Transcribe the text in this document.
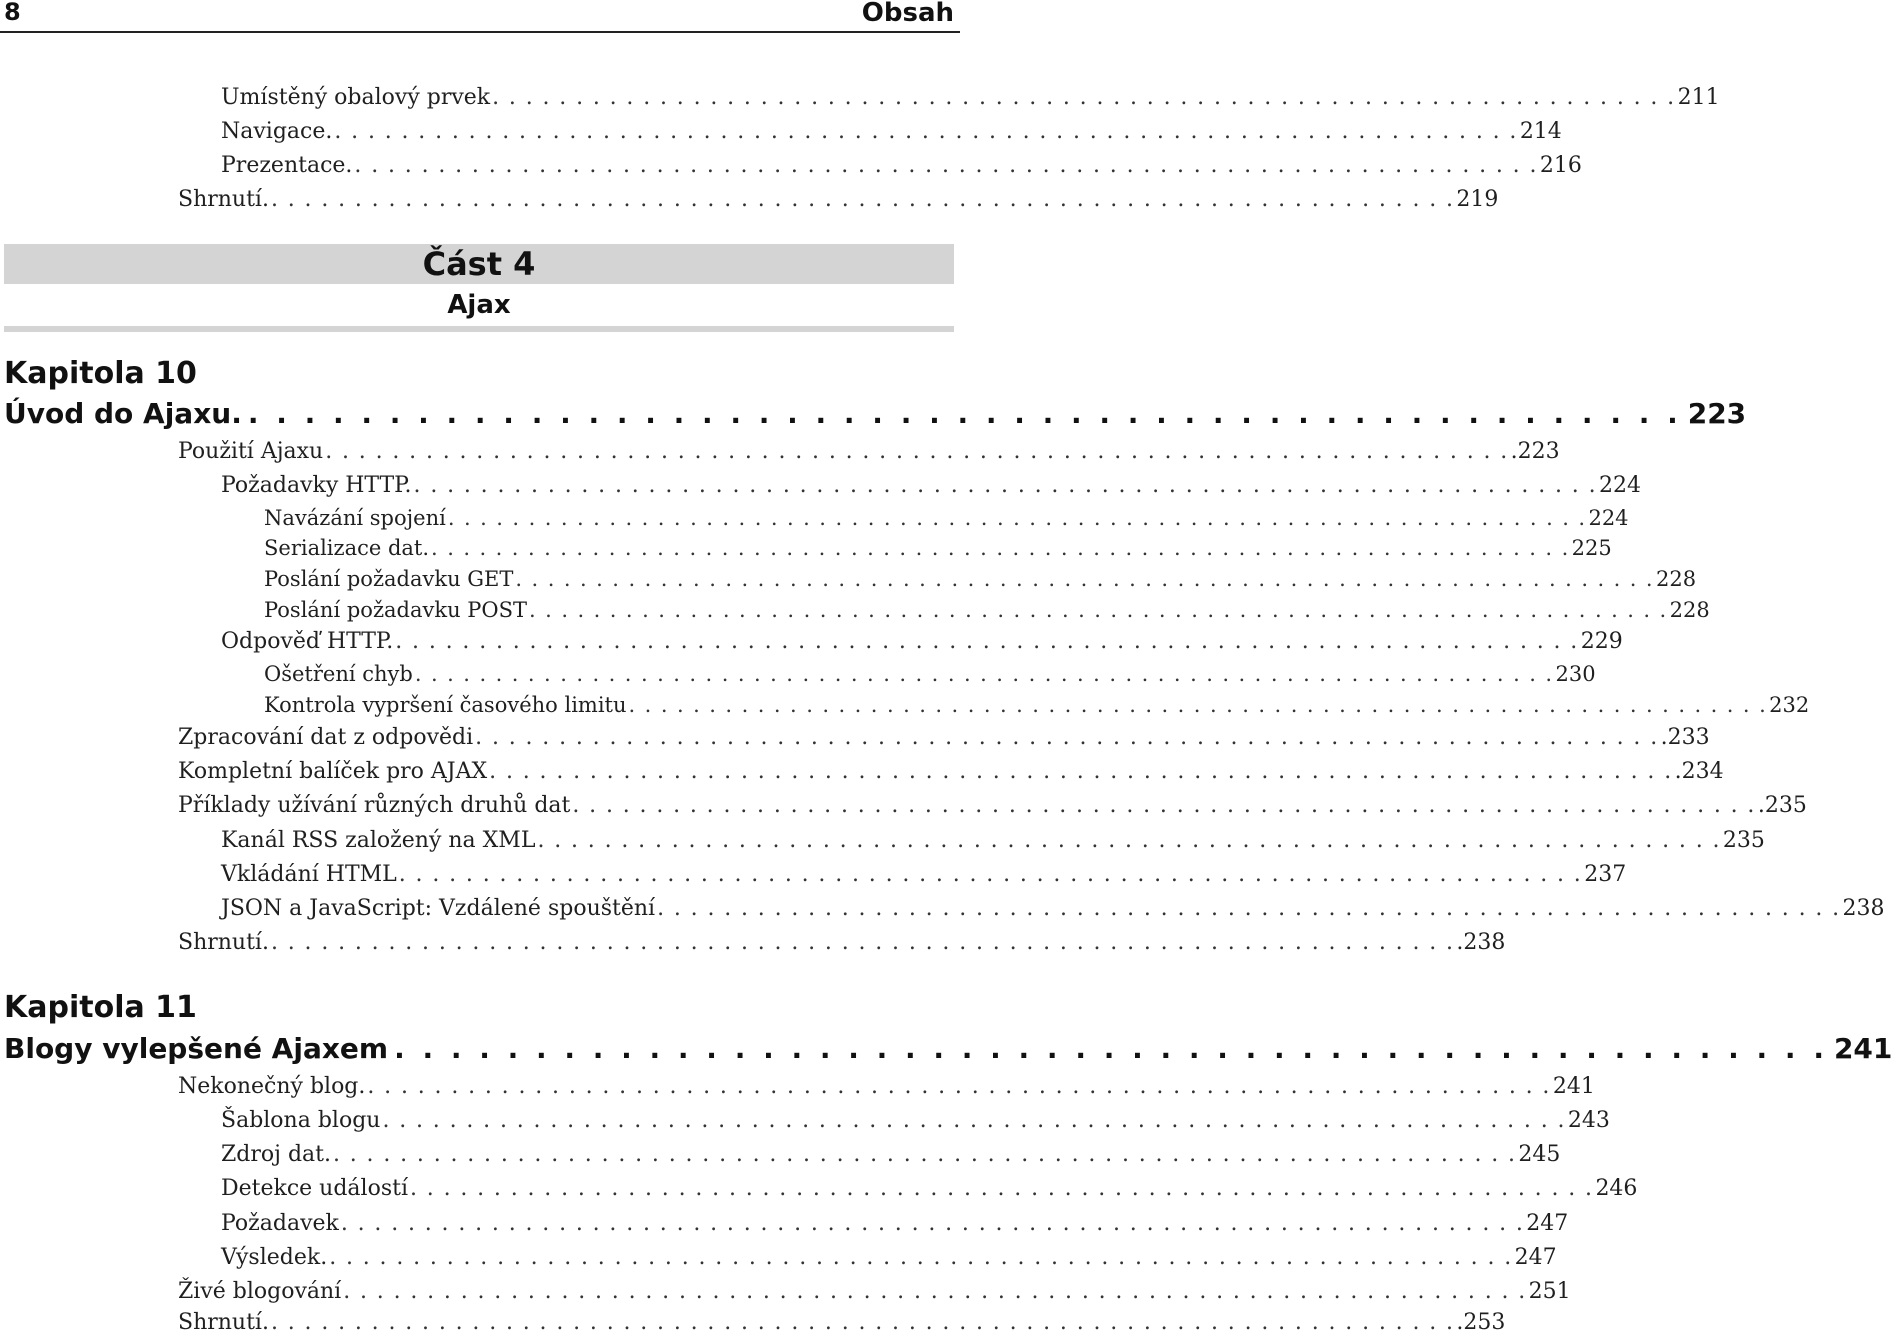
8	Obsah
Umístěný obalový prvek . . . . . . . . . . . . . . . . . . . . . . . . . . . . . . . . . . . . . . . . . . . . . . . . . . . . . . . . . . . . . . . . . . . . . . . 211
Navigace. . . . . . . . . . . . . . . . . . . . . . . . . . . . . . . . . . . . . . . . . . . . . . . . . . . . . . . . . . . . . . . . . . . . . . . . 214
Prezentace. . . . . . . . . . . . . . . . . . . . . . . . . . . . . . . . . . . . . . . . . . . . . . . . . . . . . . . . . . . . . . . . . . . . . . . . 216
Shrnutí. . . . . . . . . . . . . . . . . . . . . . . . . . . . . . . . . . . . . . . . . . . . . . . . . . . . . . . . . . . . . . . . . . . . . . . . 219
Část 4
Ajax
Kapitola 10
Úvod do Ajaxu. . . . . . . . . . . . . . . . . . . . . . . . . . . . . . . . . . . . . . . . . . . . . . . . . . . . 223
Použití Ajaxu . . . . . . . . . . . . . . . . . . . . . . . . . . . . . . . . . . . . . . . . . . . . . . . . . . . . . . . . . . . . . . . . . . . . . . . .223
Požadavky HTTP. . . . . . . . . . . . . . . . . . . . . . . . . . . . . . . . . . . . . . . . . . . . . . . . . . . . . . . . . . . . . . . . . . . . . . . . 224
Navázání spojení . . . . . . . . . . . . . . . . . . . . . . . . . . . . . . . . . . . . . . . . . . . . . . . . . . . . . . . . . . . . . . . . . . . . . . . 224
Serializace dat. . . . . . . . . . . . . . . . . . . . . . . . . . . . . . . . . . . . . . . . . . . . . . . . . . . . . . . . . . . . . . . . . . . . . . . . 225
Poslání požadavku GET . . . . . . . . . . . . . . . . . . . . . . . . . . . . . . . . . . . . . . . . . . . . . . . . . . . . . . . . . . . . . . . . . . . . . . . 228
Poslání požadavku POST . . . . . . . . . . . . . . . . . . . . . . . . . . . . . . . . . . . . . . . . . . . . . . . . . . . . . . . . . . . . . . . . . . . . . . . 228
Odpověď HTTP. . . . . . . . . . . . . . . . . . . . . . . . . . . . . . . . . . . . . . . . . . . . . . . . . . . . . . . . . . . . . . . . . . . . . . . . 229
Ošetření chyb . . . . . . . . . . . . . . . . . . . . . . . . . . . . . . . . . . . . . . . . . . . . . . . . . . . . . . . . . . . . . . . . . . . . . . . 230
Kontrola vypršení časového limitu . . . . . . . . . . . . . . . . . . . . . . . . . . . . . . . . . . . . . . . . . . . . . . . . . . . . . . . . . . . . . . . . . . . . . . . 232
Zpracování dat z odpovědi . . . . . . . . . . . . . . . . . . . . . . . . . . . . . . . . . . . . . . . . . . . . . . . . . . . . . . . . . . . . . . . . . . . . . . . .233
Kompletní balíček pro AJAX . . . . . . . . . . . . . . . . . . . . . . . . . . . . . . . . . . . . . . . . . . . . . . . . . . . . . . . . . . . . . . . . . . . . . . . .234
Příklady užívání různých druhů dat . . . . . . . . . . . . . . . . . . . . . . . . . . . . . . . . . . . . . . . . . . . . . . . . . . . . . . . . . . . . . . . . . . . . . . . .235
Kanál RSS založený na XML . . . . . . . . . . . . . . . . . . . . . . . . . . . . . . . . . . . . . . . . . . . . . . . . . . . . . . . . . . . . . . . . . . . . . . . 235
Vkládání HTML . . . . . . . . . . . . . . . . . . . . . . . . . . . . . . . . . . . . . . . . . . . . . . . . . . . . . . . . . . . . . . . . . . . . . . . 237
JSON a JavaScript: Vzdálené spouštění . . . . . . . . . . . . . . . . . . . . . . . . . . . . . . . . . . . . . . . . . . . . . . . . . . . . . . . . . . . . . . . . . . . . . . . 238
Shrnutí. . . . . . . . . . . . . . . . . . . . . . . . . . . . . . . . . . . . . . . . . . . . . . . . . . . . . . . . . . . . . . . . . . . . . . . . .238
Kapitola 11
Blogy vylepšené Ajaxem . . . . . . . . . . . . . . . . . . . . . . . . . . . . . . . . . . . . . . . . . . . . . . . . . . . 241
Nekonečný blog. . . . . . . . . . . . . . . . . . . . . . . . . . . . . . . . . . . . . . . . . . . . . . . . . . . . . . . . . . . . . . . . . . . . . . . . 241
Šablona blogu . . . . . . . . . . . . . . . . . . . . . . . . . . . . . . . . . . . . . . . . . . . . . . . . . . . . . . . . . . . . . . . . . . . . . . . 243
Zdroj dat. . . . . . . . . . . . . . . . . . . . . . . . . . . . . . . . . . . . . . . . . . . . . . . . . . . . . . . . . . . . . . . . . . . . . . . . 245
Detekce událostí . . . . . . . . . . . . . . . . . . . . . . . . . . . . . . . . . . . . . . . . . . . . . . . . . . . . . . . . . . . . . . . . . . . . . . . 246
Požadavek . . . . . . . . . . . . . . . . . . . . . . . . . . . . . . . . . . . . . . . . . . . . . . . . . . . . . . . . . . . . . . . . . . . . . . . 247
Výsledek. . . . . . . . . . . . . . . . . . . . . . . . . . . . . . . . . . . . . . . . . . . . . . . . . . . . . . . . . . . . . . . . . . . . . . . . 247
Živé blogování . . . . . . . . . . . . . . . . . . . . . . . . . . . . . . . . . . . . . . . . . . . . . . . . . . . . . . . . . . . . . . . . . . . . . . . 251
Shrnutí. . . . . . . . . . . . . . . . . . . . . . . . . . . . . . . . . . . . . . . . . . . . . . . . . . . . . . . . . . . . . . . . . . . . . . . . .253
